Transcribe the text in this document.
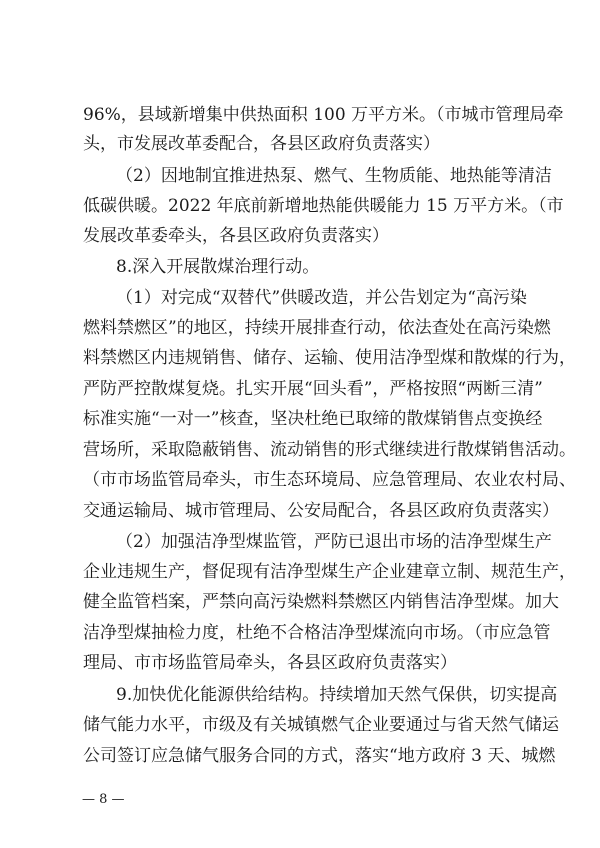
96%，县域新增集中供热面积 100 万平方米。（市城市管理局牵
头，市发展改革委配合，各县区政府负责落实）
（2）因地制宜推进热泵、燃气、生物质能、地热能等清洁
低碳供暖。2022 年底前新增地热能供暖能力 15 万平方米。（市
发展改革委牵头，各县区政府负责落实）
8.深入开展散煤治理行动。
（1）对完成“双替代”供暖改造，并公告划定为“高污染
燃料禁燃区”的地区，持续开展排查行动，依法查处在高污染燃
料禁燃区内违规销售、储存、运输、使用洁净型煤和散煤的行为，
严防严控散煤复烧。扎实开展“回头看”，严格按照“两断三清”
标准实施“一对一”核查，坚决杜绝已取缔的散煤销售点变换经
营场所，采取隐蔽销售、流动销售的形式继续进行散煤销售活动。
（市市场监管局牵头，市生态环境局、应急管理局、农业农村局、
交通运输局、城市管理局、公安局配合，各县区政府负责落实）
（2）加强洁净型煤监管，严防已退出市场的洁净型煤生产
企业违规生产，督促现有洁净型煤生产企业建章立制、规范生产，
健全监管档案，严禁向高污染燃料禁燃区内销售洁净型煤。加大
洁净型煤抽检力度，杜绝不合格洁净型煤流向市场。（市应急管
理局、市市场监管局牵头，各县区政府负责落实）
9.加快优化能源供给结构。持续增加天然气保供，切实提高
储气能力水平，市级及有关城镇燃气企业要通过与省天然气储运
公司签订应急储气服务合同的方式，落实“地方政府 3 天、城燃
— 8 —
